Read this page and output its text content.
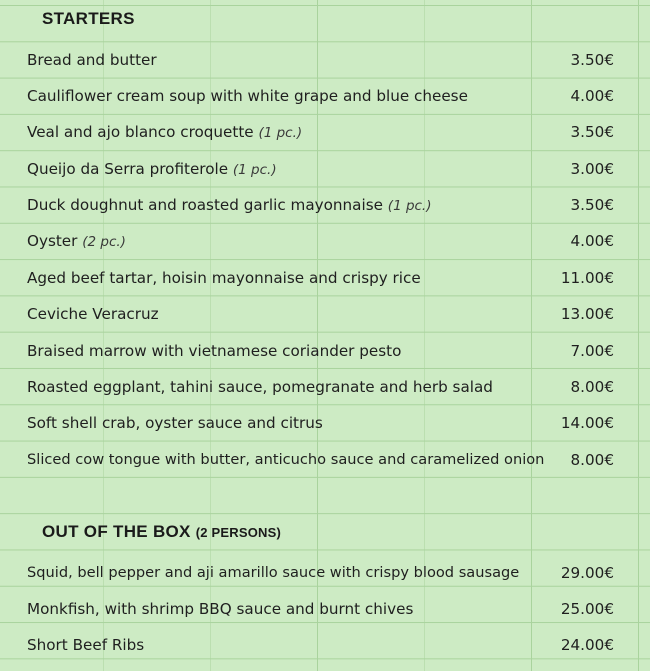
STARTERS
Bread and butter	3.50€
Cauliflower cream soup with white grape and blue cheese	4.00€
Veal and ajo blanco croquette (1 pc.)	3.50€
Queijo da Serra profiterole (1 pc.)	3.00€
Duck doughnut and roasted garlic mayonnaise (1 pc.)	3.50€
Oyster (2 pc.)	4.00€
Aged beef tartar, hoisin mayonnaise and crispy rice	11.00€
Ceviche Veracruz	13.00€
Braised marrow with vietnamese coriander pesto	7.00€
Roasted eggplant, tahini sauce, pomegranate and herb salad	8.00€
Soft shell crab, oyster sauce and citrus	14.00€
Sliced cow tongue with butter, anticucho sauce and caramelized onion 8.00€
OUT OF THE BOX (2 PERSONS)
Squid, bell pepper and aji amarillo sauce with crispy blood sausage	29.00€
Monkfish, with shrimp BBQ sauce and burnt chives	25.00€
Short Beef Ribs	24.00€
